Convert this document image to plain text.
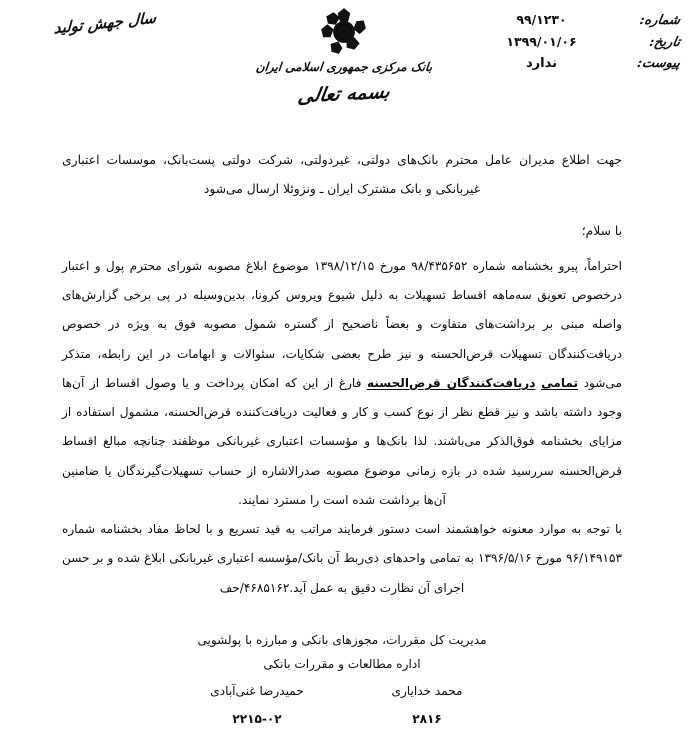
سال جهش تولید
بانک مرکزی جمهوری اسلامی ایران
بسمه تعالی
شماره:
۹۹/۱۲۳۰
تاریخ:
۱۳۹۹/۰۱/۰۶
پیوست:
ندارد
جهت اطلاع مدیران عامل محترم بانک‌های دولتی، غیردولتی، شرکت دولتی پست‌بانک، موسسات اعتباری
غیربانکی و بانک مشترک ایران ـ ونزوئلا ارسال می‌شود
با سلام؛

احتراماً، پیرو بخشنامه شماره ۹۸/۴۳۵۶۵۲ مورخ ۱۳۹۸/۱۲/۱۵ موضوع ابلاغ مصوبه شورای محترم پول و اعتبار درخصوص تعویق سه‌ماهه اقساط تسهیلات به دلیل شیوع ویروس کرونا، بدین‌وسیله در پی برخی گزارش‌های واصله مبنی بر برداشت‌های متفاوت و بعضاً ناصحیح از گستره شمول مصوبه فوق به ویژه در خصوص دریافت‌کنندگان تسهیلات قرض‌الحسنه و نیز طرح بعضی شکایات، سئوالات و ابهامات در این رابطه، متذکر می‌شود تمامی دریافت‌کنندگان قرض‌الحسنه فارغ از این که امکان پرداخت و یا وصول اقساط از آن‌ها وجود داشته باشد و نیز قطع نظر از نوع کسب و کار و فعالیت دریافت‌کننده قرض‌الحسنه، مشمول استفاده از مزایای بخشنامه فوق‌الذکر می‌باشند. لذا بانک‌ها و مؤسسات اعتباری غیربانکی موظفند چنانچه مبالغ اقساط قرض‌الحسنه سررسید شده در بازه زمانی موضوع مصوبه صدرالاشاره از حساب تسهیلات‌گیرندگان یا ضامنین آن‌ها برداشت شده است را مسترد نمایند.

با توجه به موارد معنونه خواهشمند است دستور فرمایند مراتب به قید تسریع و با لحاظ مفاد بخشنامه شماره ۹۶/۱۴۹۱۵۳ مورخ ۱۳۹۶/۵/۱۶ به تمامی واحدهای ذی‌ربط آن بانک/مؤسسه اعتباری غیربانکی ابلاغ شده و بر حسن اجرای آن نظارت دقیق به عمل آید.۴۶۸۵۱۶۲/حف

مدیریت کل مقررات، مجوزهای بانکی و مبارزه با پولشویی
اداره مطالعات و مقررات بانکی
محمد خدایاری
۲۸۱۶
حمیدرضا غنی‌آبادی
۲۲۱۵-۰۲
